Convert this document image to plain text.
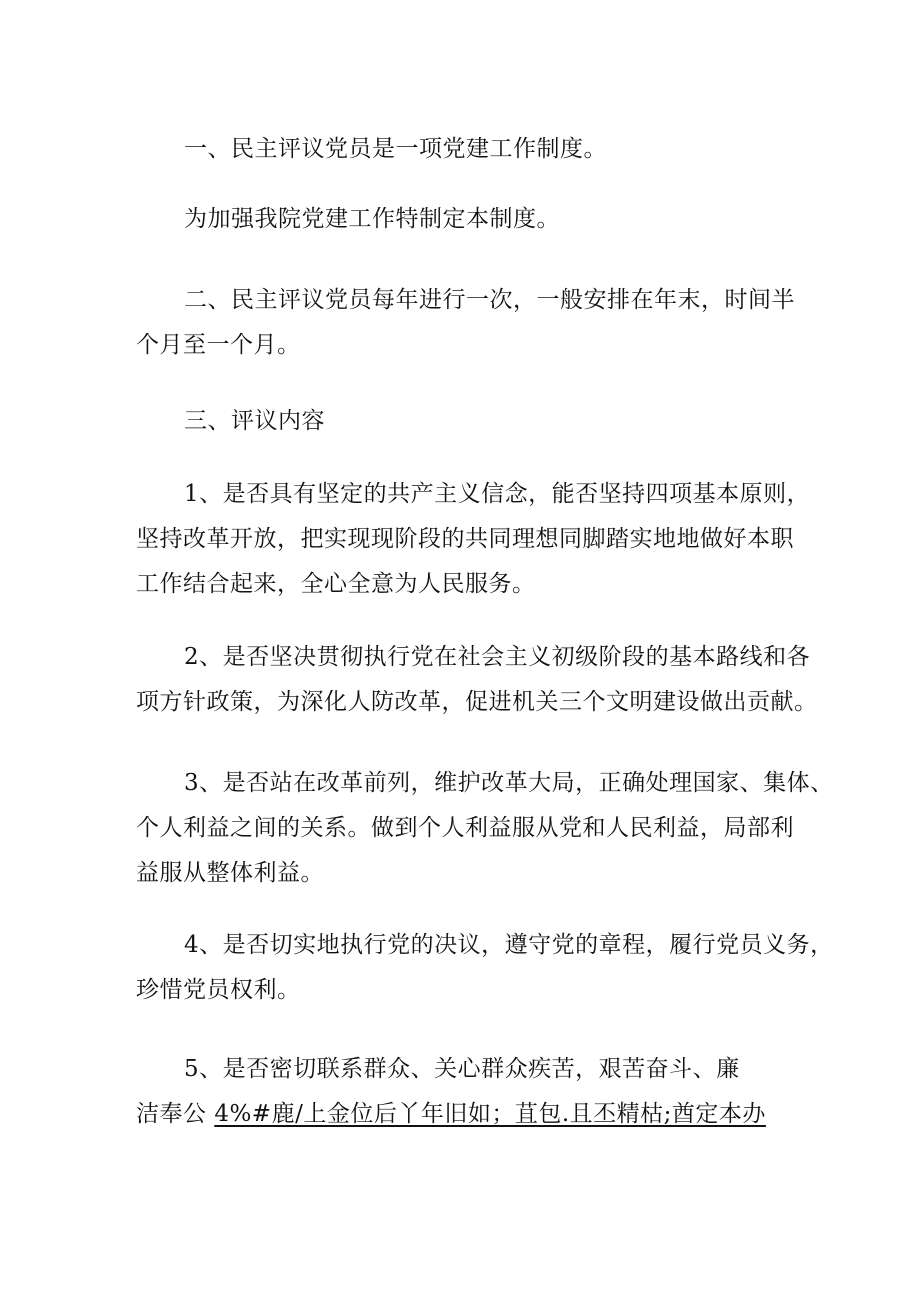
一、民主评议党员是一项党建工作制度。

为加强我院党建工作特制定本制度。

二、民主评议党员每年进行一次，一般安排在年末，时间半
个月至一个月。

三、评议内容

1、是否具有坚定的共产主义信念，能否坚持四项基本原则，
坚持改革开放，把实现现阶段的共同理想同脚踏实地地做好本职
工作结合起来，全心全意为人民服务。

2、是否坚决贯彻执行党在社会主义初级阶段的基本路线和各
项方针政策，为深化人防改革，促进机关三个文明建设做出贡献。

3、是否站在改革前列，维护改革大局，正确处理国家、集体、
个人利益之间的关系。做到个人利益服从党和人民利益，局部利
益服从整体利益。

4、是否切实地执行党的决议，遵守党的章程，履行党员义务，
珍惜党员权利。

5、是否密切联系群众、关心群众疾苦，艰苦奋斗、廉
洁奉公 4%#鹿/上金位后丫年旧如；苴包.且丕精枯;酋定本办
